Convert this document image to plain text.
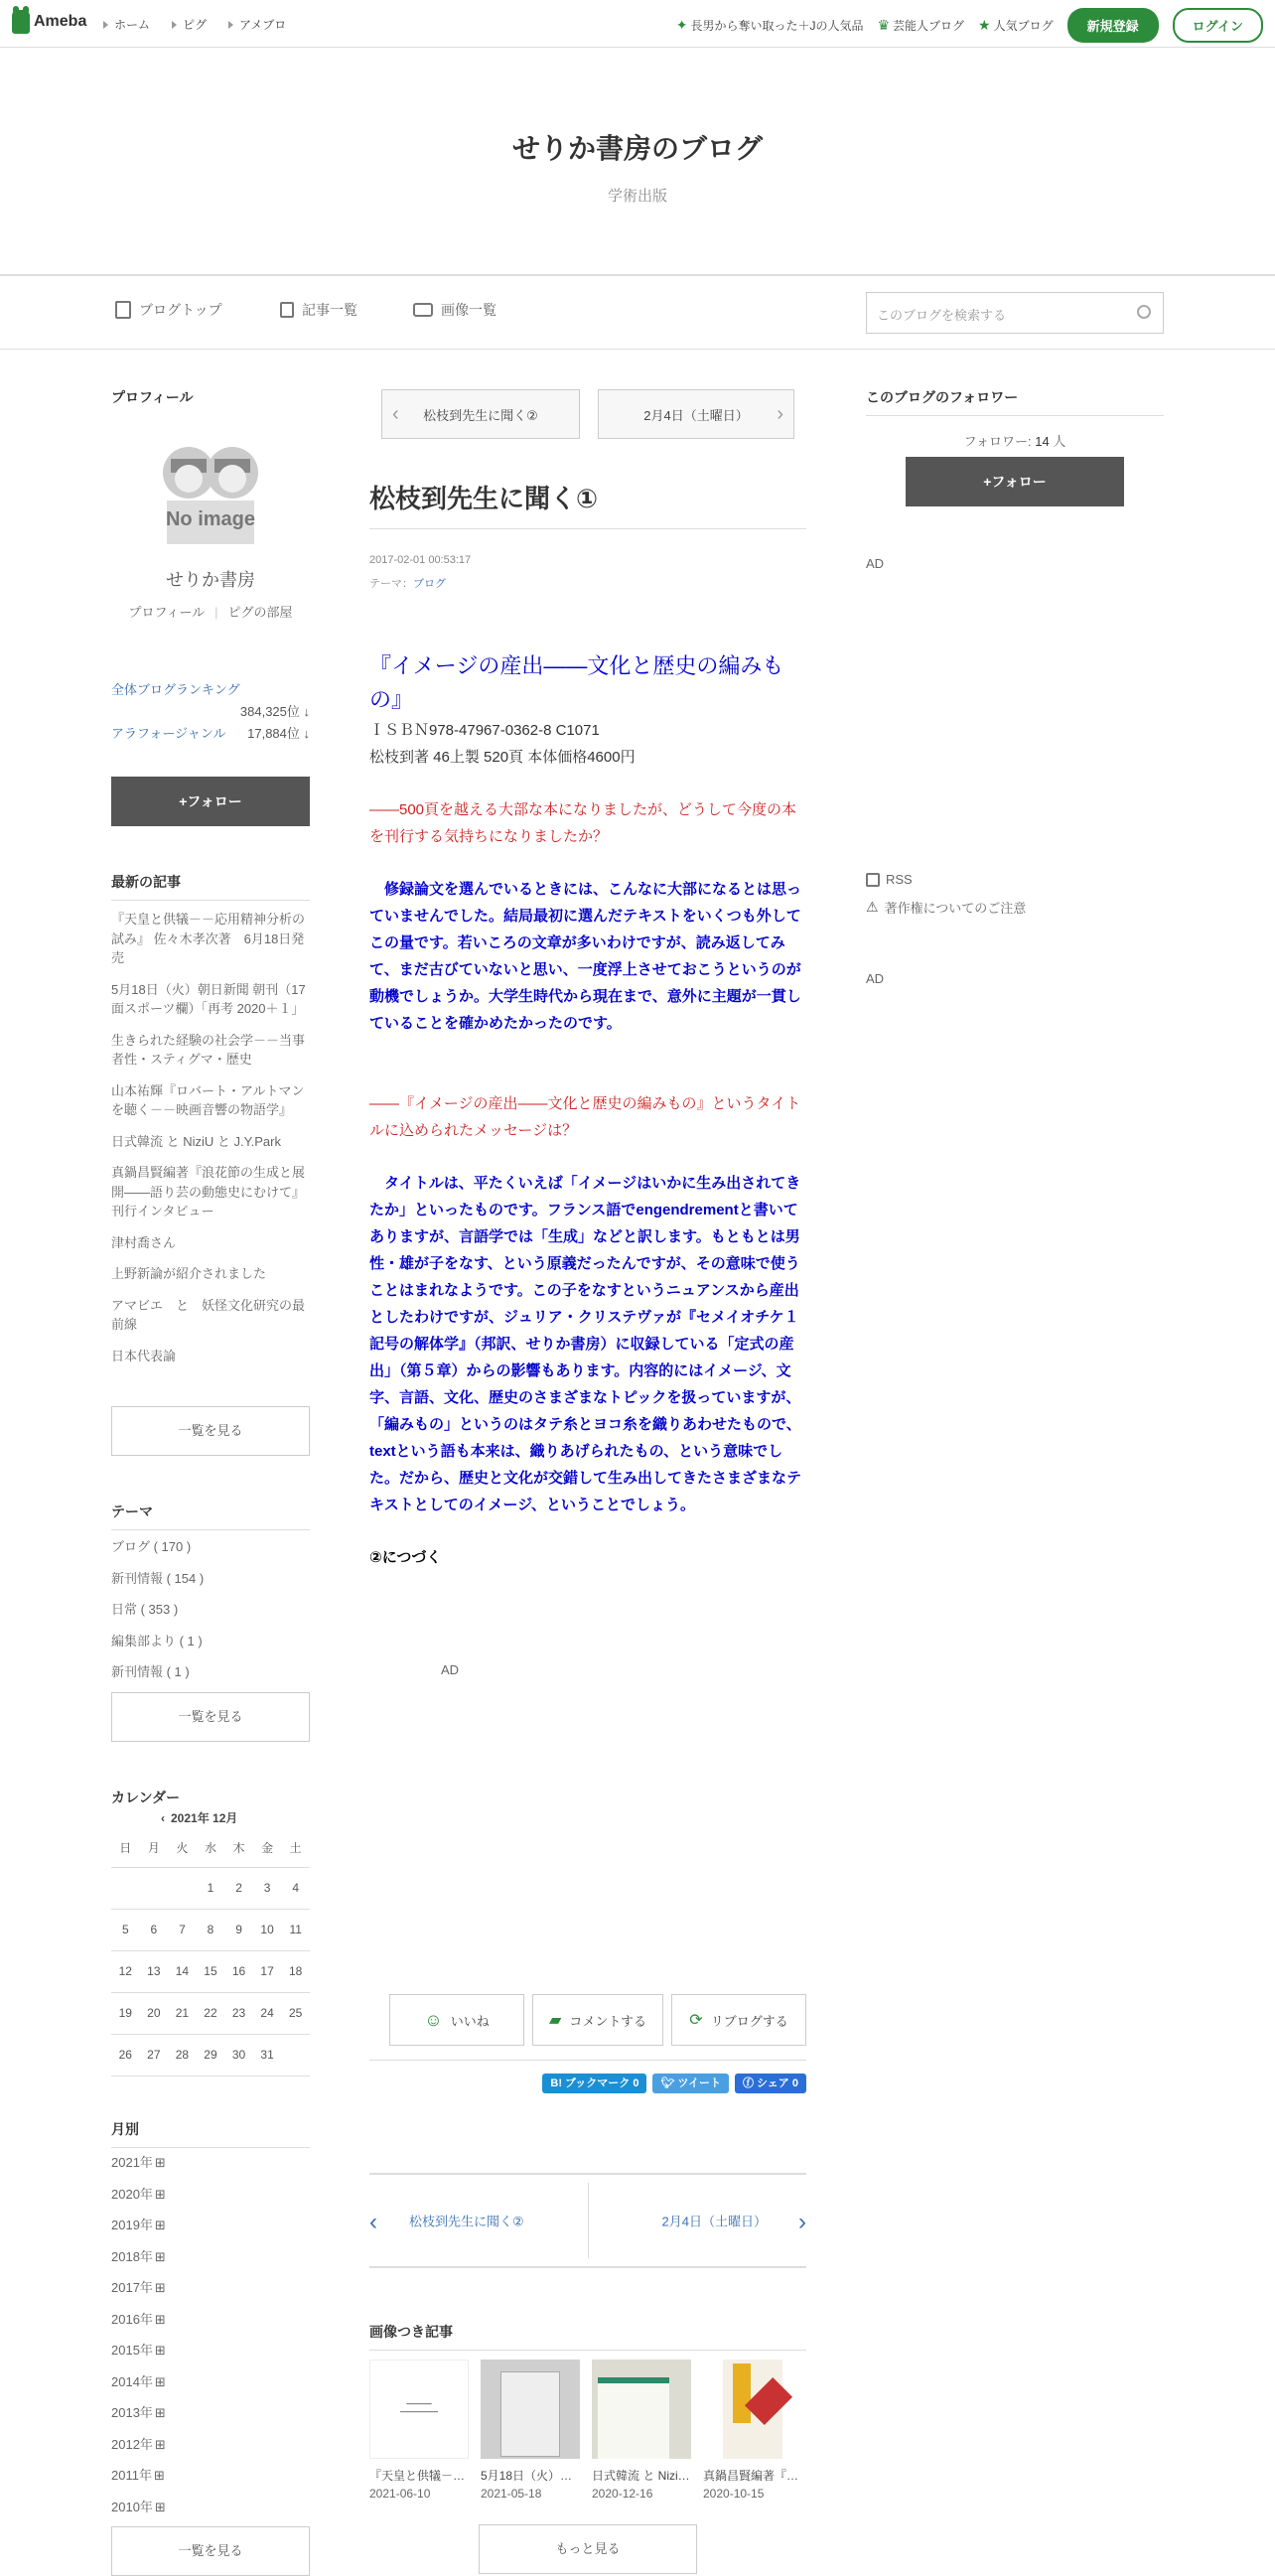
Ameba	ホーム	ピグ	アメブロ	✦ 長男から奪い取った＋Jの人気品 ♛ 芸能人ブログ ★ 人気ブログ	新規登録	ログイン
せりか書房のブログ

学術出版

ブログトップ	記事一覧	画像一覧	このブログを検索する
プロフィール
No image
せりか書房
プロフィール | ピグの部屋
全体ブログランキング
384,325位 ↓
アラフォージャンル 17,884位 ↓
+フォロー
最新の記事
『天皇と供犠－－応用精神分析の試み』 佐々木孝次著　6月18日発売
5月18日（火）朝日新聞 朝刊（17面スポーツ欄）「再考 2020＋１」
生きられた経験の社会学－－当事者性・スティグマ・歴史
山本祐輝『ロバート・アルトマンを聴く－－映画音響の物語学』
日式韓流 と NiziU と J.Y.Park
真鍋昌賢編著『浪花節の生成と展開――語り芸の動態史にむけて』刊行インタビュー
津村喬さん
上野新論が紹介されました
アマビエ　と　妖怪文化研究の最前線
日本代表論
一覧を見る
テーマ
ブログ ( 170 )
新刊情報 ( 154 )
日常 ( 353 )
編集部より ( 1 )
新刊情報 ( 1 )
一覧を見る
カレンダー
‹ 2021年 12月
日	月	火	水	木	金	土
			1	2	3	4
5	6	7	8	9	10	11
12	13	14	15	16	17	18
19	20	21	22	23	24	25
26	27	28	29	30	31	
月別
2021年 ⊞
2020年 ⊞
2019年 ⊞
2018年 ⊞
2017年 ⊞
2016年 ⊞
2015年 ⊞
2014年 ⊞
2013年 ⊞
2012年 ⊞
2011年 ⊞
2010年 ⊞
一覧を見る
‹ 松枝到先生に聞く②	2月4日（土曜日） ›
松枝到先生に聞く①
2017-02-01 00:53:17
テーマ：ブログ
『イメージの産出――文化と歴史の編みもの』
ＩＳＢＮ978-47967-0362-8 C1071
松枝到著 46上製 520頁 本体価格4600円
――500頁を越える大部な本になりましたが、どうして今度の本を刊行する気持ちになりましたか？
　修録論文を選んでいるときには、こんなに大部になるとは思っていませんでした。結局最初に選んだテキストをいくつも外してこの量です。若いころの文章が多いわけですが、読み返してみて、まだ古びていないと思い、一度浮上させておこうというのが動機でしょうか。大学生時代から現在まで、意外に主題が一貫していることを確かめたかったのです。
――『イメージの産出――文化と歴史の編みもの』というタイトルに込められたメッセージは？
　タイトルは、平たくいえば「イメージはいかに生み出されてきたか」といったものです。フランス語でengendrementと書いてありますが、言語学では「生成」などと訳します。もともとは男性・雄が子をなす、という原義だったんですが、その意味で使うことはまれなようです。この子をなすというニュアンスから産出としたわけですが、ジュリア・クリステヴァが『セメイオチケ１　記号の解体学』（邦訳、せりか書房）に収録している「定式の産出」（第５章）からの影響もあります。内容的にはイメージ、文字、言語、文化、歴史のさまざまなトピックを扱っていますが、「編みもの」というのはタテ糸とヨコ糸を織りあわせたもので、textという語も本来は、織りあげられたもの、という意味でした。だから、歴史と文化が交錯して生み出してきたさまざまなテキストとしてのイメージ、ということでしょう。
②につづく
AD
☺ いいね	▰ コメントする	⟳ リブログする
B! ブックマーク 0	🐦︎ ツイート	ⓕ シェア 0
‹ 松枝到先生に聞く②	2月4日（土曜日） ›
画像つき記事
━━━━━━
━━━━━━━━━
『天皇と供犠－…	5月18日（火）…	日式韓流 と Nizi…	真鍋昌賢編著『…
2021-06-10	2021-05-18	2020-12-16	2020-10-15
もっと見る
このブログのフォロワー
フォロワー: 14 人
+フォロー
AD
RSS
⚠ 著作権についてのご注意
AD
